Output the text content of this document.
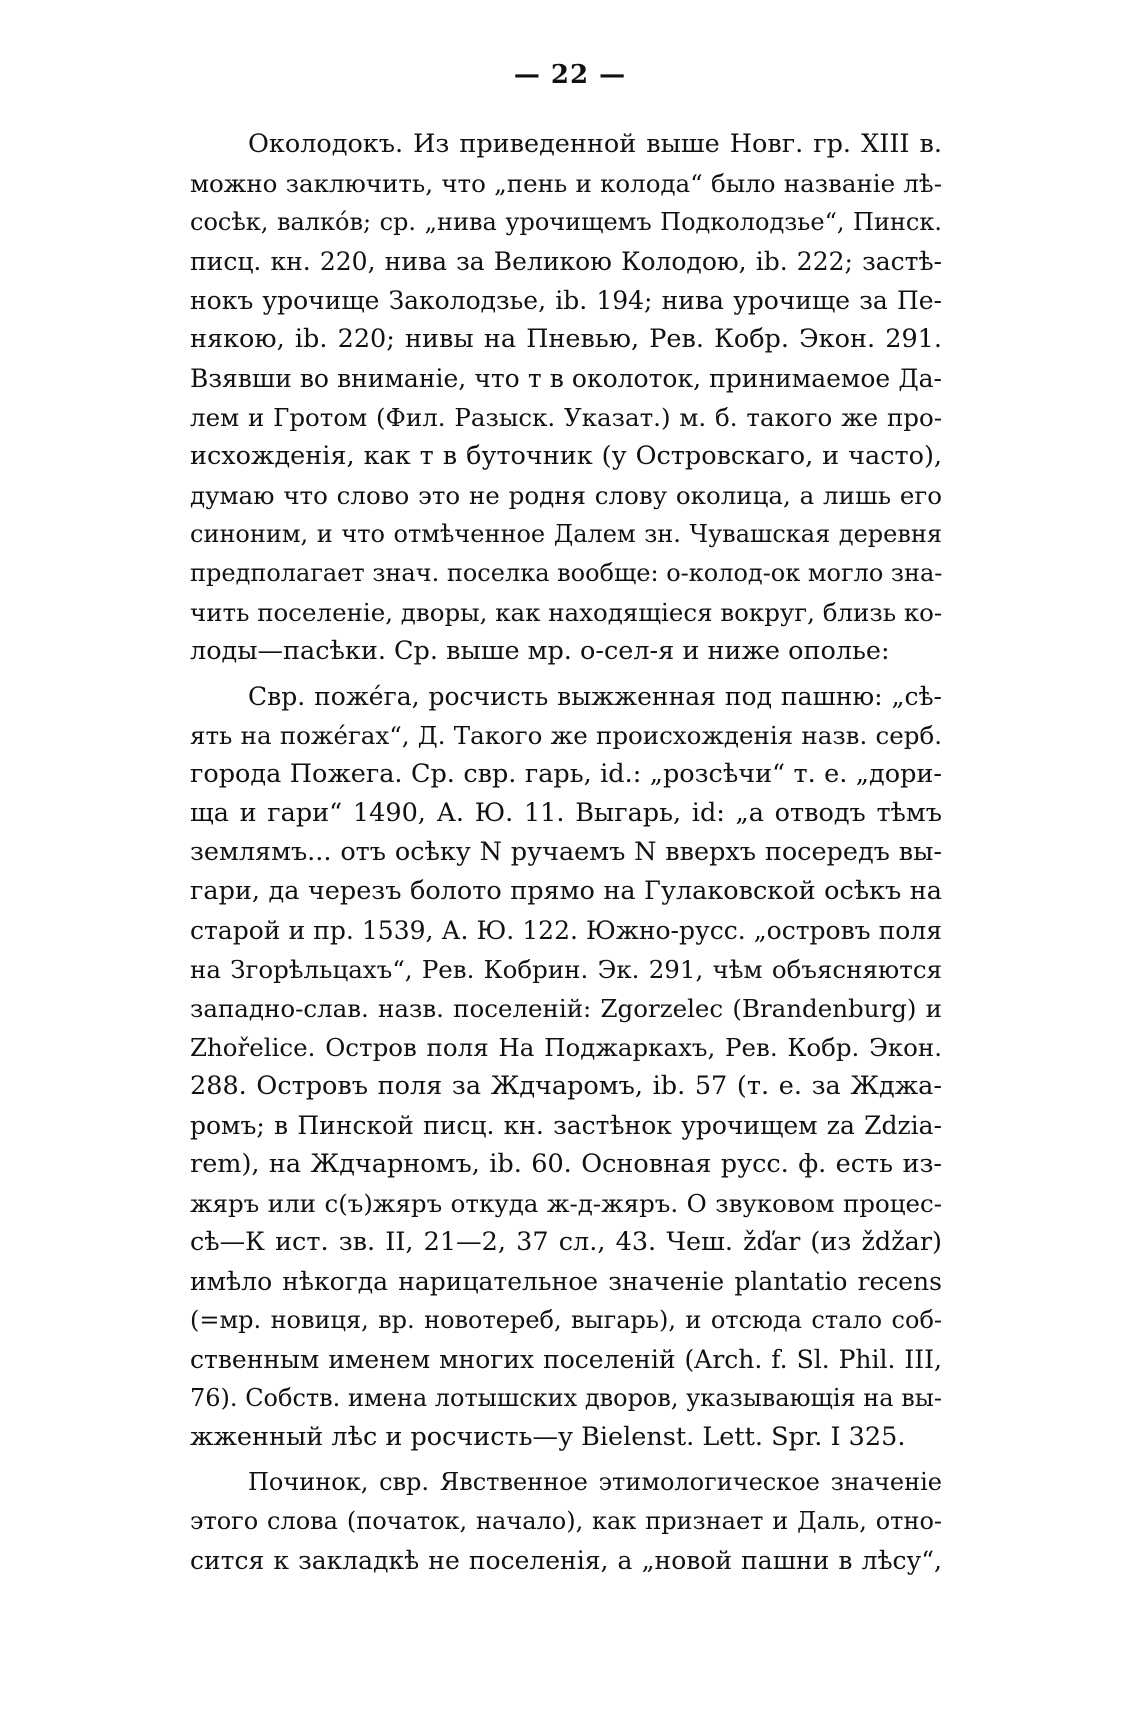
— 22 —
Околодокъ. Из приведенной выше Новг. гр. XIII в.
можно заключить, что „пень и колода“ было названіе лѣ-
сосѣк, валко́в; ср. „нива урочищемъ Подколодзье“, Пинск.
писц. кн. 220, нива за Великою Колодою, ib. 222; застѣ-
нокъ урочище Заколодзье, ib. 194; нива урочище за Пе-
някою, ib. 220; нивы на Пневью, Рев. Кобр. Экон. 291.
Взявши во вниманіе, что т в околоток, принимаемое Да-
лем и Гротом (Фил. Разыск. Указат.) м. б. такого же про-
исхожденія, как т в буточник (у Островскаго, и часто),
думаю что слово это не родня слову околица, а лишь его
синоним, и что отмѣченное Далем зн. Чувашская деревня
предполагает знач. поселка вообще: о-колод-ок могло зна-
чить поселеніе, дворы, как находящіеся вокруг, близь ко-
лоды—пасѣки. Ср. выше мр. о-сел-я и ниже ополье:
Свр. пожéга, росчисть выжженная под пашню: „сѣ-
ять на пожéгах“, Д. Такого же происхожденія назв. серб.
города Пожега. Ср. свр. гарь, id.: „розсѣчи“ т. е. „дори-
ща и гари“ 1490, А. Ю. 11. Выгарь, id: „а отводъ тѣмъ
землямъ... отъ осѣку N ручаемъ N вверхъ посередъ вы-
гари, да черезъ болото прямо на Гулаковской осѣкъ на
старой и пр. 1539, А. Ю. 122. Южно-русс. „островъ поля
на Згорѣльцахъ“, Рев. Кобрин. Эк. 291, чѣм объясняются
западно-слав. назв. поселеній: Zgorzelec (Brandenburg) и
Zhořelice. Остров поля На Поджаркахъ, Рев. Кобр. Экон.
288. Островъ поля за Ждчаромъ, ib. 57 (т. е. за Жджа-
ромъ; в Пинской писц. кн. застѣнок урочищем za Zdzia-
rem), на Ждчарномъ, ib. 60. Основная русс. ф. есть из-
жяръ или с(ъ)жяръ откуда ж-д-жяръ. О звуковом процес-
сѣ—К ист. зв. II, 21—2, 37 сл., 43. Чеш. žďar (из ždžar)
имѣло нѣкогда нарицательное значеніе plantatio recens
(=мр. новиця, вр. новотереб, выгарь), и отсюда стало соб-
ственным именем многих поселеній (Arch. f. Sl. Phil. III,
76). Собств. имена лотышских дворов, указывающія на вы-
жженный лѣс и росчисть—у Bielenst. Lett. Spr. I 325.
Починок, свр. Явственное этимологическое значеніе
этого слова (початок, начало), как признает и Даль, отно-
сится к закладкѣ не поселенія, а „новой пашни в лѣсу“,
